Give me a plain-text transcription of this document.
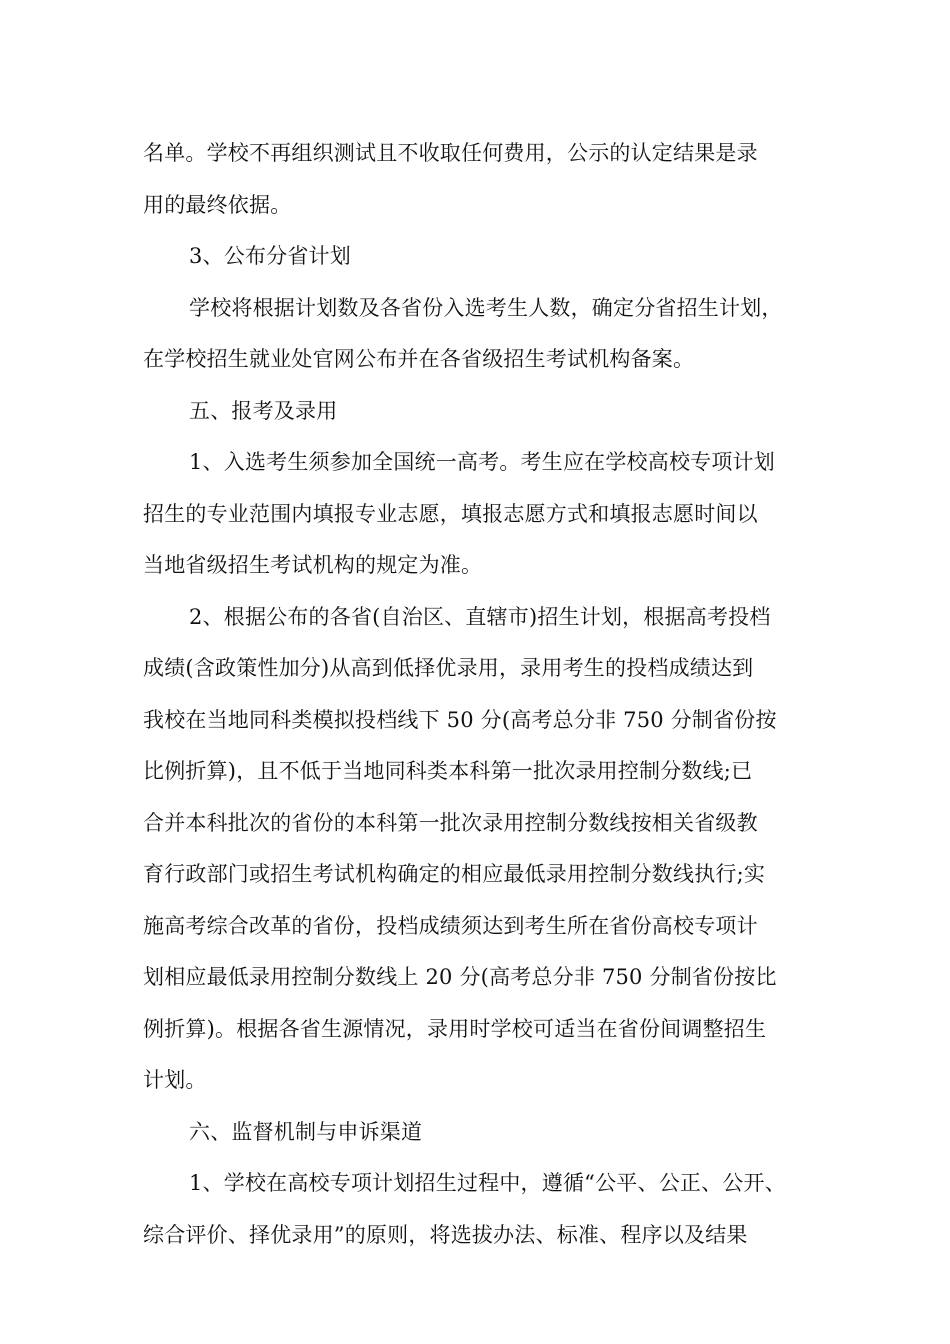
名单。学校不再组织测试且不收取任何费用，公示的认定结果是录
用的最终依据。
3、公布分省计划
学校将根据计划数及各省份入选考生人数，确定分省招生计划，
在学校招生就业处官网公布并在各省级招生考试机构备案。
五、报考及录用
1、入选考生须参加全国统一高考。考生应在学校高校专项计划
招生的专业范围内填报专业志愿，填报志愿方式和填报志愿时间以
当地省级招生考试机构的规定为准。
2、根据公布的各省(自治区、直辖市)招生计划，根据高考投档
成绩(含政策性加分)从高到低择优录用，录用考生的投档成绩达到
我校在当地同科类模拟投档线下 50 分(高考总分非 750 分制省份按
比例折算)，且不低于当地同科类本科第一批次录用控制分数线;已
合并本科批次的省份的本科第一批次录用控制分数线按相关省级教
育行政部门或招生考试机构确定的相应最低录用控制分数线执行;实
施高考综合改革的省份，投档成绩须达到考生所在省份高校专项计
划相应最低录用控制分数线上 20 分(高考总分非 750 分制省份按比
例折算)。根据各省生源情况，录用时学校可适当在省份间调整招生
计划。
六、监督机制与申诉渠道
1、学校在高校专项计划招生过程中，遵循“公平、公正、公开、
综合评价、择优录用”的原则，将选拔办法、标准、程序以及结果
